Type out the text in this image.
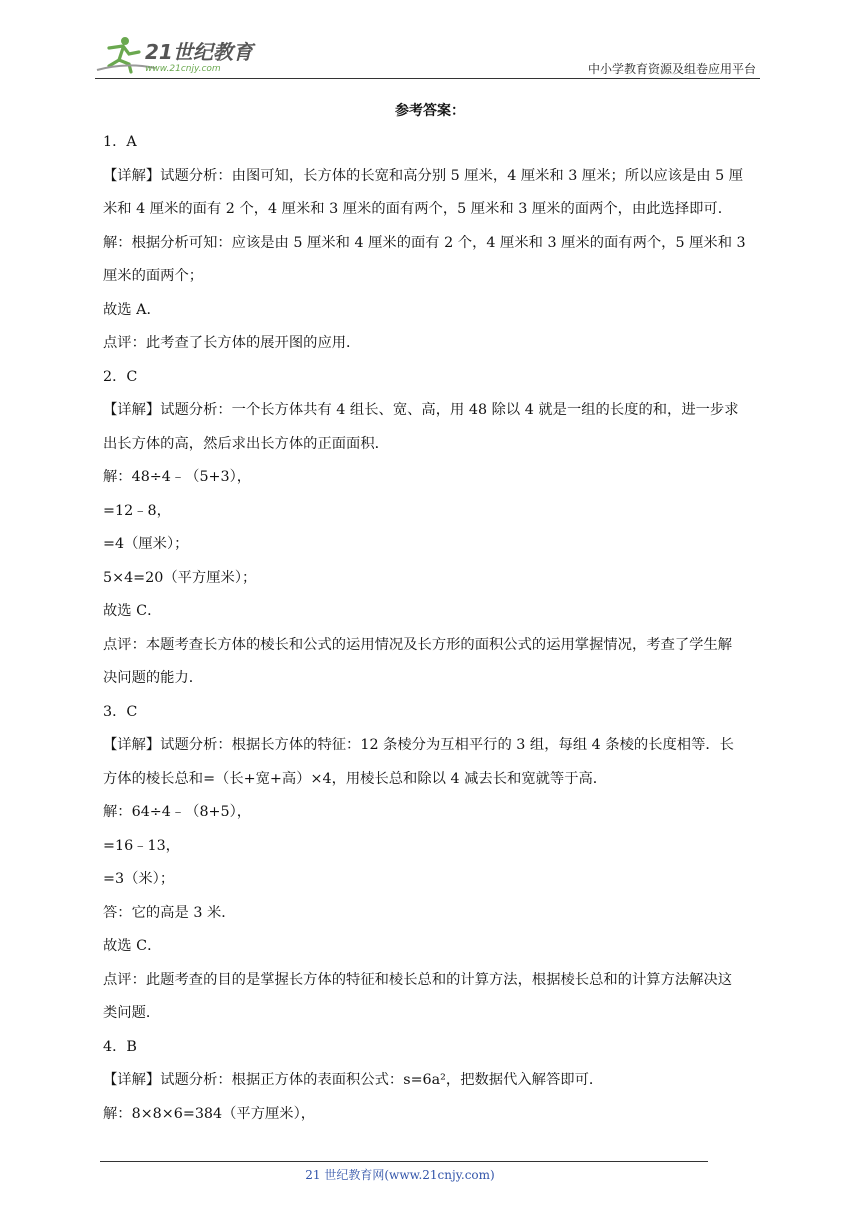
21世纪教育
www.21cnjy.com	中小学教育资源及组卷应用平台
参考答案：
1．A
【详解】试题分析：由图可知，长方体的长宽和高分别 5 厘米，4 厘米和 3 厘米；所以应该是由 5 厘
米和 4 厘米的面有 2 个，4 厘米和 3 厘米的面有两个，5 厘米和 3 厘米的面两个，由此选择即可．
解：根据分析可知：应该是由 5 厘米和 4 厘米的面有 2 个，4 厘米和 3 厘米的面有两个，5 厘米和 3
厘米的面两个；
故选 A．
点评：此考查了长方体的展开图的应用．
2．C
【详解】试题分析：一个长方体共有 4 组长、宽、高，用 48 除以 4 就是一组的长度的和，进一步求
出长方体的高，然后求出长方体的正面面积．
解：48÷4﹣（5+3），
=12﹣8，
=4（厘米）；
5×4=20（平方厘米）；
故选 C．
点评：本题考查长方体的棱长和公式的运用情况及长方形的面积公式的运用掌握情况，考查了学生解
决问题的能力．
3．C
【详解】试题分析：根据长方体的特征：12 条棱分为互相平行的 3 组，每组 4 条棱的长度相等．长
方体的棱长总和=（长+宽+高）×4，用棱长总和除以 4 减去长和宽就等于高．
解：64÷4﹣（8+5），
=16﹣13，
=3（米）；
答：它的高是 3 米．
故选 C．
点评：此题考查的目的是掌握长方体的特征和棱长总和的计算方法，根据棱长总和的计算方法解决这
类问题．
4．B
【详解】试题分析：根据正方体的表面积公式：s=6a²，把数据代入解答即可．
解：8×8×6=384（平方厘米），
21 世纪教育网(www.21cnjy.com)
